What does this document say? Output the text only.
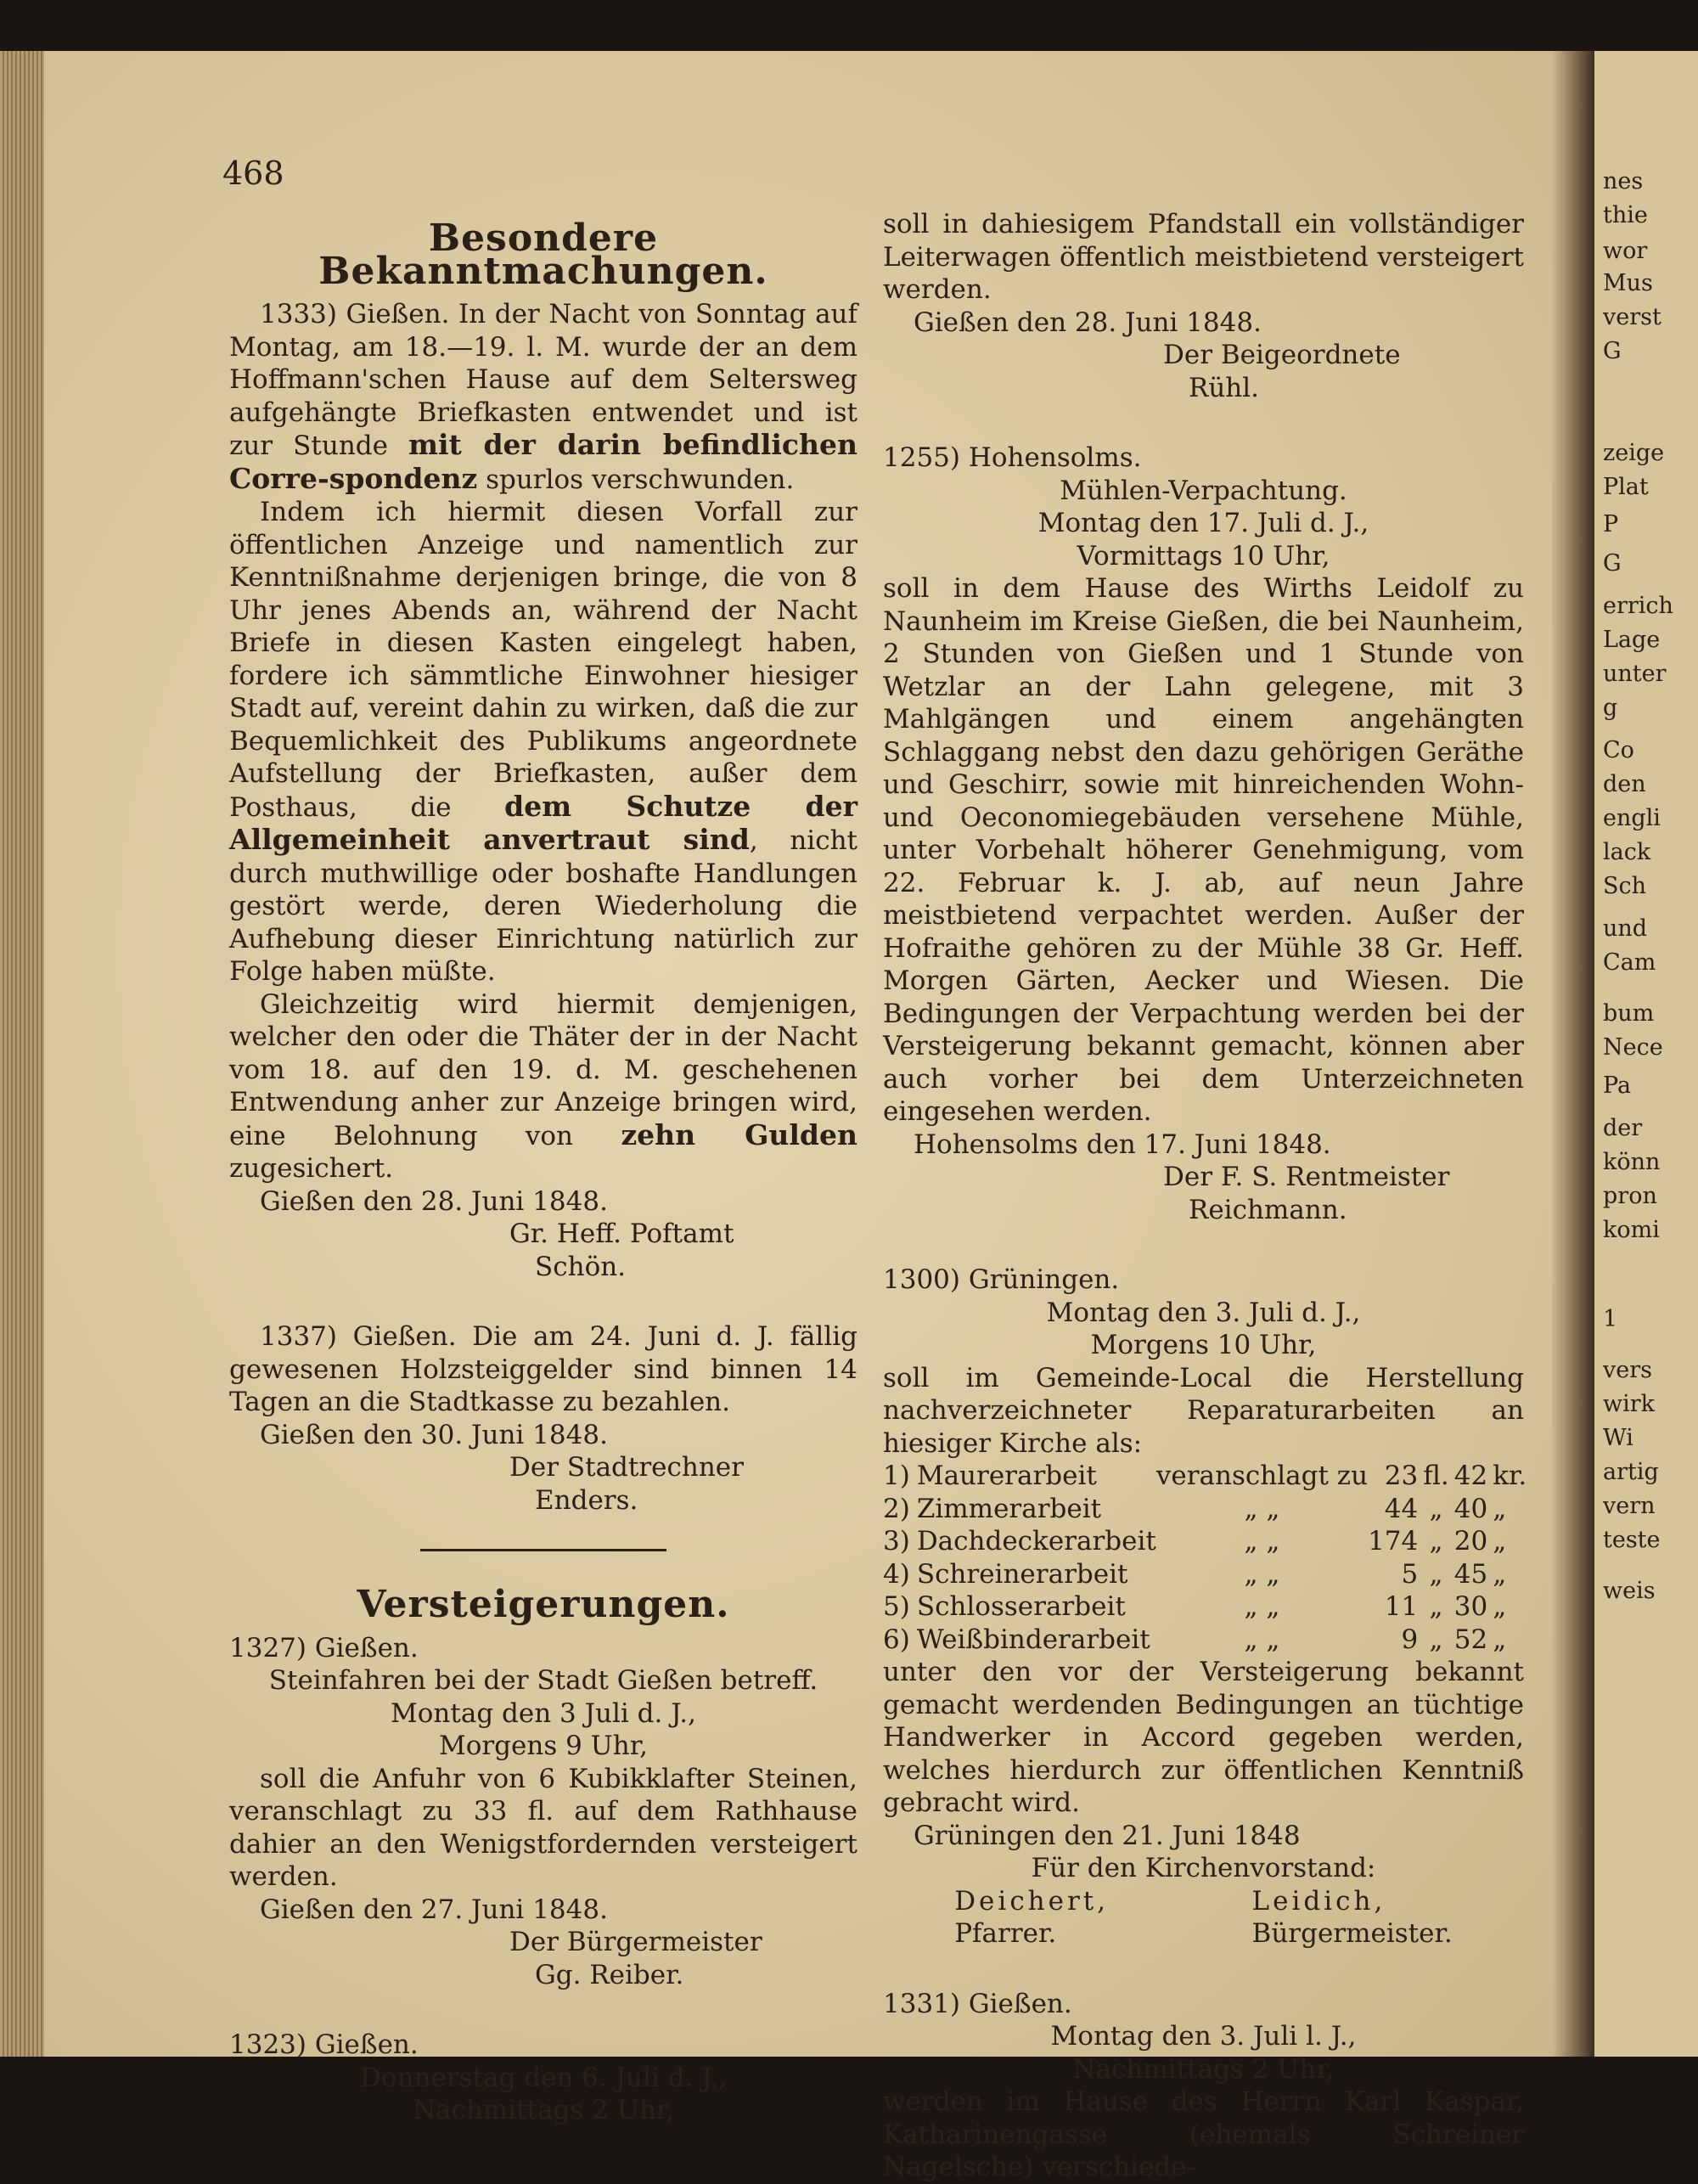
468
Besondere Bekanntmachungen.

1333) Gießen. In der Nacht von Sonntag auf Montag, am 18.—19. l. M. wurde der an dem Hoffmann'schen Hause auf dem Seltersweg aufgehängte Briefkasten entwendet und ist zur Stunde mit der darin befindlichen Corre-spondenz spurlos verschwunden.

Indem ich hiermit diesen Vorfall zur öffentlichen Anzeige und namentlich zur Kenntnißnahme derjenigen bringe, die von 8 Uhr jenes Abends an, während der Nacht Briefe in diesen Kasten eingelegt haben, fordere ich sämmtliche Einwohner hiesiger Stadt auf, vereint dahin zu wirken, daß die zur Bequemlichkeit des Publikums angeordnete Aufstellung der Briefkasten, außer dem Posthaus, die dem Schutze der Allgemeinheit anvertraut sind, nicht durch muthwillige oder boshafte Handlungen gestört werde, deren Wiederholung die Aufhebung dieser Einrichtung natürlich zur Folge haben müßte.

Gleichzeitig wird hiermit demjenigen, welcher den oder die Thäter der in der Nacht vom 18. auf den 19. d. M. geschehenen Entwendung anher zur Anzeige bringen wird, eine Belohnung von zehn Gulden zugesichert.

Gießen den 28. Juni 1848.

Gr. Heff. Poftamt

Schön.

1337) Gießen. Die am 24. Juni d. J. fällig gewesenen Holzsteiggelder sind binnen 14 Tagen an die Stadtkasse zu bezahlen.

Gießen den 30. Juni 1848.

Der Stadtrechner

Enders.

Versteigerungen.

1327) Gießen.

Steinfahren bei der Stadt Gießen betreff.

Montag den 3 Juli d. J.,

Morgens 9 Uhr,

soll die Anfuhr von 6 Kubikklafter Steinen, veranschlagt zu 33 fl. auf dem Rathhause dahier an den Wenigstfordernden versteigert werden.

Gießen den 27. Juni 1848.

Der Bürgermeister

Gg. Reiber.

1323) Gießen.

Donnerstag den 6. Juli d. J.,

Nachmittags 2 Uhr,

soll in dahiesigem Pfandstall ein vollständiger Leiterwagen öffentlich meistbietend versteigert werden.

Gießen den 28. Juni 1848.

Der Beigeordnete

Rühl.

1255) Hohensolms.

Mühlen-Verpachtung.

Montag den 17. Juli d. J.,

Vormittags 10 Uhr,

soll in dem Hause des Wirths Leidolf zu Naunheim im Kreise Gießen, die bei Naunheim, 2 Stunden von Gießen und 1 Stunde von Wetzlar an der Lahn gelegene, mit 3 Mahlgängen und einem angehängten Schlaggang nebst den dazu gehörigen Geräthe und Geschirr, sowie mit hinreichenden Wohn- und Oeconomiegebäuden versehene Mühle, unter Vorbehalt höherer Genehmigung, vom 22. Februar k. J. ab, auf neun Jahre meistbietend verpachtet werden. Außer der Hofraithe gehören zu der Mühle 38 Gr. Heff. Morgen Gärten, Aecker und Wiesen. Die Bedingungen der Verpachtung werden bei der Versteigerung bekannt gemacht, können aber auch vorher bei dem Unterzeichneten eingesehen werden.

Hohensolms den 17. Juni 1848.

Der F. S. Rentmeister

Reichmann.

1300) Grüningen.

Montag den 3. Juli d. J.,

Morgens 10 Uhr,

soll im Gemeinde-Local die Herstellung nachverzeichneter Reparaturarbeiten an hiesiger Kirche als:

1)	Maurerarbeit	veranschlagt zu	23	fl.	42	kr.
2)	Zimmerarbeit	„ „	44	„	40	„
3)	Dachdeckerarbeit	„ „	174	„	20	„
4)	Schreinerarbeit	„ „	5	„	45	„
5)	Schlosserarbeit	„ „	11	„	30	„
6)	Weißbinderarbeit	„ „	9	„	52	„

unter den vor der Versteigerung bekannt gemacht werdenden Bedingungen an tüchtige Handwerker in Accord gegeben werden, welches hierdurch zur öffentlichen Kenntniß gebracht wird.

Grüningen den 21. Juni 1848

Für den Kirchenvorstand:

Deichert,
Pfarrer.
Leidich,
Bürgermeister.

1331) Gießen.

Montag den 3. Juli l. J.,

Nachmittags 2 Uhr,

werden im Hause des Herrn Karl Kaspar, Katharinengasse (ehemals Schreiner Nagelsche) verschiede-

nes
thie
wor
Mus
verst
G
zeige
Plat
P
G
errich
Lage
unter
g
Co
den
engli
lack
Sch
und
Cam
bum
Nece
Pa
der
könn
pron
komi
1
vers
wirk
Wi
artig
vern
teste
weis
